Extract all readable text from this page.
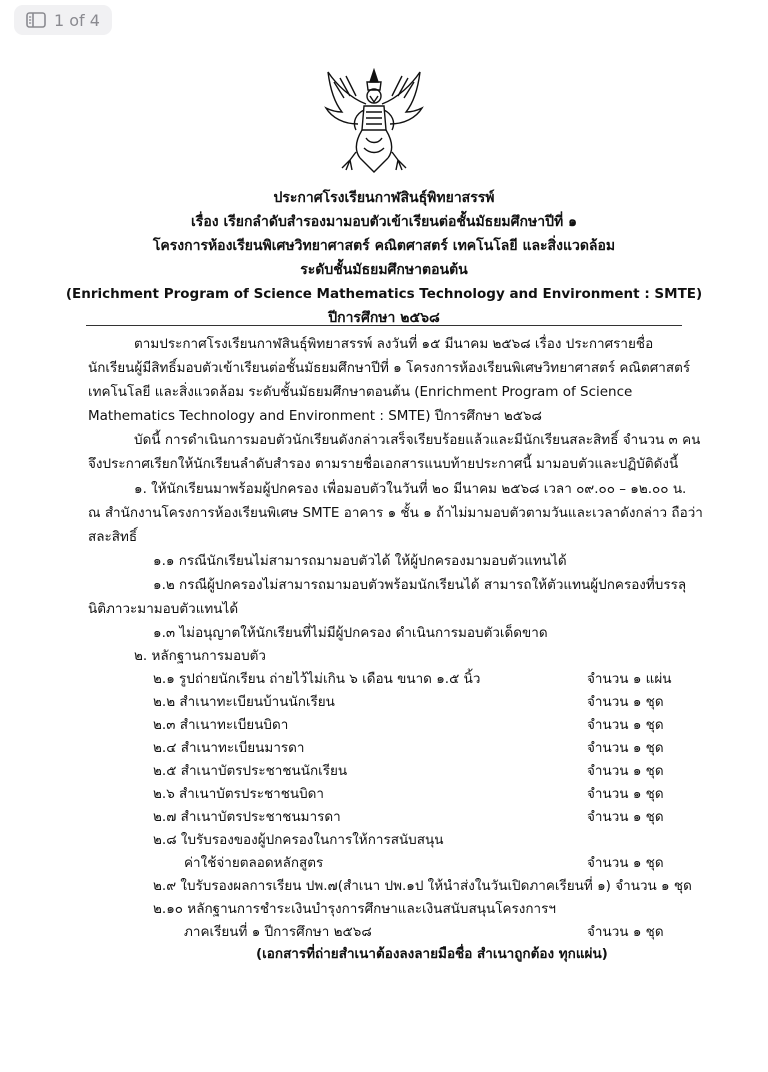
1 of 4
ประกาศโรงเรียนกาฬสินธุ์พิทยาสรรพ์
เรื่อง เรียกลำดับสำรองมามอบตัวเข้าเรียนต่อชั้นมัธยมศึกษาปีที่ ๑
โครงการห้องเรียนพิเศษวิทยาศาสตร์ คณิตศาสตร์ เทคโนโลยี และสิ่งแวดล้อม
ระดับชั้นมัธยมศึกษาตอนต้น
(Enrichment Program of Science Mathematics Technology and Environment : SMTE)
ปีการศึกษา ๒๕๖๘
ตามประกาศโรงเรียนกาฬสินธุ์พิทยาสรรพ์ ลงวันที่ ๑๕ มีนาคม ๒๕๖๘ เรื่อง ประกาศรายชื่อ
นักเรียนผู้มีสิทธิ์มอบตัวเข้าเรียนต่อชั้นมัธยมศึกษาปีที่ ๑ โครงการห้องเรียนพิเศษวิทยาศาสตร์ คณิตศาสตร์
เทคโนโลยี และสิ่งแวดล้อม ระดับชั้นมัธยมศึกษาตอนต้น (Enrichment Program of Science
Mathematics Technology and Environment : SMTE) ปีการศึกษา ๒๕๖๘
บัดนี้ การดำเนินการมอบตัวนักเรียนดังกล่าวเสร็จเรียบร้อยแล้วและมีนักเรียนสละสิทธิ์ จำนวน ๓ คน
จึงประกาศเรียกให้นักเรียนลำดับสำรอง ตามรายชื่อเอกสารแนบท้ายประกาศนี้ มามอบตัวและปฏิบัติดังนี้
๑. ให้นักเรียนมาพร้อมผู้ปกครอง เพื่อมอบตัวในวันที่ ๒๐ มีนาคม ๒๕๖๘ เวลา ๐๙.๐๐ – ๑๒.๐๐ น.
ณ สำนักงานโครงการห้องเรียนพิเศษ SMTE อาคาร ๑ ชั้น ๑ ถ้าไม่มามอบตัวตามวันและเวลาดังกล่าว ถือว่า
สละสิทธิ์
๑.๑ กรณีนักเรียนไม่สามารถมามอบตัวได้ ให้ผู้ปกครองมามอบตัวแทนได้
๑.๒ กรณีผู้ปกครองไม่สามารถมามอบตัวพร้อมนักเรียนได้ สามารถให้ตัวแทนผู้ปกครองที่บรรลุ
นิติภาวะมามอบตัวแทนได้
๑.๓ ไม่อนุญาตให้นักเรียนที่ไม่มีผู้ปกครอง ดำเนินการมอบตัวเด็ดขาด
๒. หลักฐานการมอบตัว
๒.๑ รูปถ่ายนักเรียน ถ่ายไว้ไม่เกิน ๖ เดือน ขนาด ๑.๕ นิ้ว	จำนวน ๑ แผ่น
๒.๒ สำเนาทะเบียนบ้านนักเรียน	จำนวน ๑ ชุด
๒.๓ สำเนาทะเบียนบิดา	จำนวน ๑ ชุด
๒.๔ สำเนาทะเบียนมารดา	จำนวน ๑ ชุด
๒.๕ สำเนาบัตรประชาชนนักเรียน	จำนวน ๑ ชุด
๒.๖ สำเนาบัตรประชาชนบิดา	จำนวน ๑ ชุด
๒.๗ สำเนาบัตรประชาชนมารดา	จำนวน ๑ ชุด
๒.๘ ใบรับรองของผู้ปกครองในการให้การสนับสนุน
ค่าใช้จ่ายตลอดหลักสูตร	จำนวน ๑ ชุด
๒.๙ ใบรับรองผลการเรียน ปพ.๗(สำเนา ปพ.๑ป ให้นำส่งในวันเปิดภาคเรียนที่ ๑) จำนวน ๑ ชุด
๒.๑๐ หลักฐานการชำระเงินบำรุงการศึกษาและเงินสนับสนุนโครงการฯ
ภาคเรียนที่ ๑ ปีการศึกษา ๒๕๖๘	จำนวน ๑ ชุด
(เอกสารที่ถ่ายสำเนาต้องลงลายมือชื่อ สำเนาถูกต้อง ทุกแผ่น)
